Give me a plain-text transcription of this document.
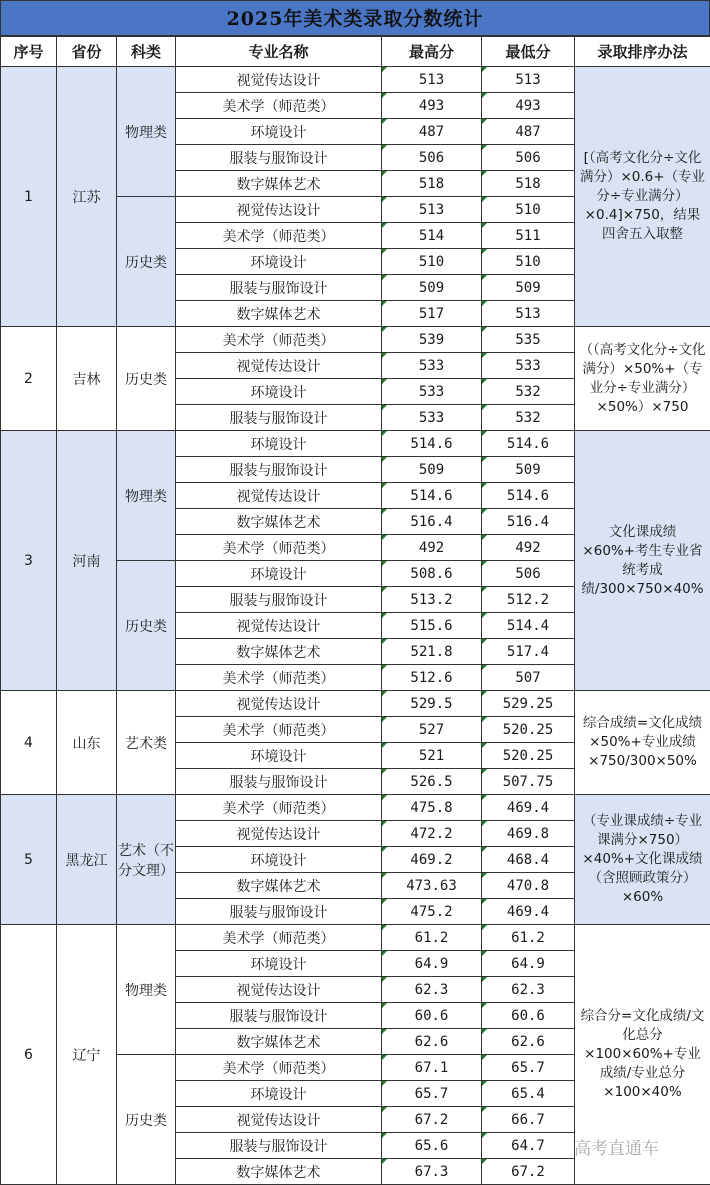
2025年美术类录取分数统计
序号	省份	科类	专业名称	最高分	最低分	录取排序办法
1	江苏	物理类	视觉传达设计	513	513	[（高考文化分÷文化满分）×0.6+（专业分÷专业满分）×0.4]×750，结果四舍五入取整
			美术学（师范类）	493	493	
			环境设计	487	487	
			服装与服饰设计	506	506	
			数字媒体艺术	518	518	
		历史类	视觉传达设计	513	510	
			美术学（师范类）	514	511	
			环境设计	510	510	
			服装与服饰设计	509	509	
			数字媒体艺术	517	513	
2	吉林	历史类	美术学（师范类）	539	535	（（高考文化分÷文化满分）×50%+（专业分÷专业满分）×50%）×750
			视觉传达设计	533	533	
			环境设计	533	532	
			服装与服饰设计	533	532	
3	河南	物理类	环境设计	514.6	514.6	文化课成绩×60%+考生专业省统考成绩/300×750×40%
			服装与服饰设计	509	509	
			视觉传达设计	514.6	514.6	
			数字媒体艺术	516.4	516.4	
			美术学（师范类）	492	492	
		历史类	环境设计	508.6	506	
			服装与服饰设计	513.2	512.2	
			视觉传达设计	515.6	514.4	
			数字媒体艺术	521.8	517.4	
			美术学（师范类）	512.6	507	
4	山东	艺术类	视觉传达设计	529.5	529.25	综合成绩=文化成绩×50%+专业成绩×750/300×50%
			美术学（师范类）	527	520.25	
			环境设计	521	520.25	
			服装与服饰设计	526.5	507.75	
5	黑龙江	艺术（不分文理）	美术学（师范类）	475.8	469.4	（专业课成绩÷专业课满分×750）×40%+文化课成绩（含照顾政策分）×60%
			视觉传达设计	472.2	469.8	
			环境设计	469.2	468.4	
			数字媒体艺术	473.63	470.8	
			服装与服饰设计	475.2	469.4	
6	辽宁	物理类	美术学（师范类）	61.2	61.2	综合分=文化成绩/文化总分×100×60%+专业成绩/专业总分×100×40%
			环境设计	64.9	64.9	
			视觉传达设计	62.3	62.3	
			服装与服饰设计	60.6	60.6	
			数字媒体艺术	62.6	62.6	
		历史类	美术学（师范类）	67.1	65.7	
			环境设计	65.7	65.4	
			视觉传达设计	67.2	66.7	
			服装与服饰设计	65.6	64.7	
			数字媒体艺术	67.3	67.2	
高考直通车
